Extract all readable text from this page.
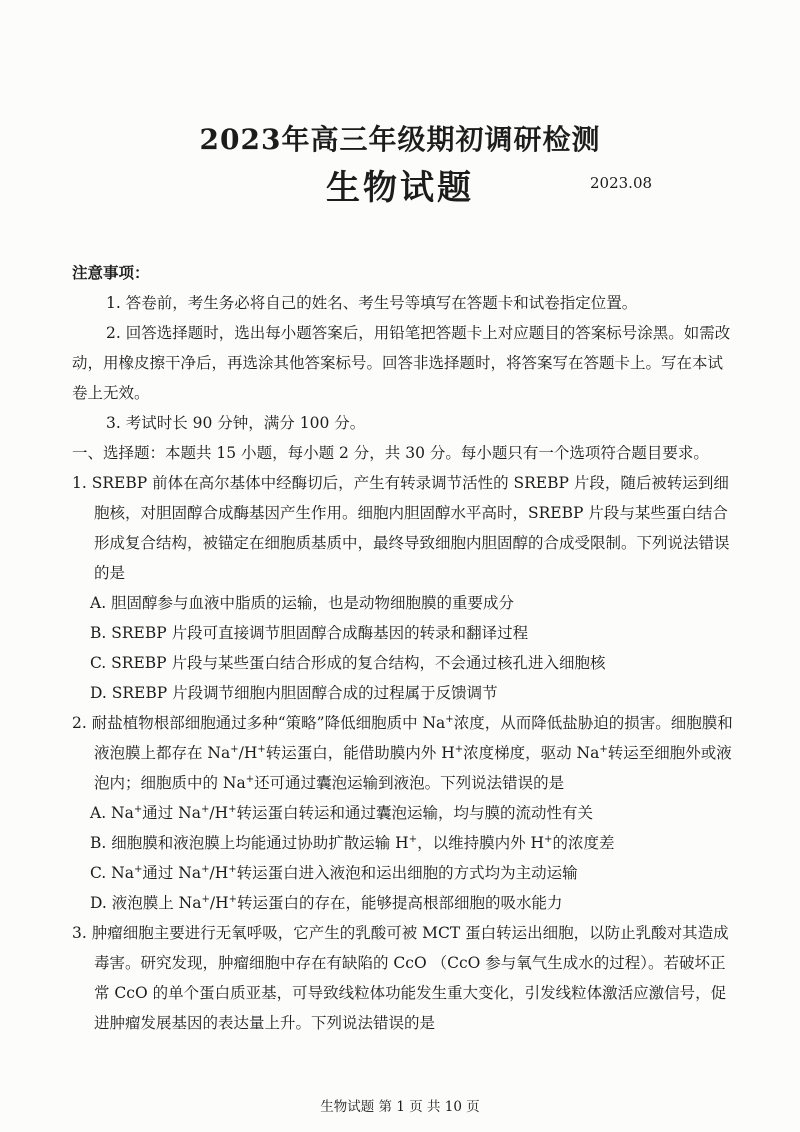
2023年高三年级期初调研检测
生物试题	2023.08

注意事项：

1. 答卷前，考生务必将自己的姓名、考生号等填写在答题卡和试卷指定位置。

2. 回答选择题时，选出每小题答案后，用铅笔把答题卡上对应题目的答案标号涂黑。如需改动，用橡皮擦干净后，再选涂其他答案标号。回答非选择题时，将答案写在答题卡上。写在本试卷上无效。

3. 考试时长 90 分钟，满分 100 分。

一、选择题：本题共 15 小题，每小题 2 分，共 30 分。每小题只有一个选项符合题目要求。

1. SREBP 前体在高尔基体中经酶切后，产生有转录调节活性的 SREBP 片段，随后被转运到细胞核，对胆固醇合成酶基因产生作用。细胞内胆固醇水平高时，SREBP 片段与某些蛋白结合形成复合结构，被锚定在细胞质基质中，最终导致细胞内胆固醇的合成受限制。下列说法错误的是

A. 胆固醇参与血液中脂质的运输，也是动物细胞膜的重要成分

B. SREBP 片段可直接调节胆固醇合成酶基因的转录和翻译过程

C. SREBP 片段与某些蛋白结合形成的复合结构，不会通过核孔进入细胞核

D. SREBP 片段调节细胞内胆固醇合成的过程属于反馈调节

2. 耐盐植物根部细胞通过多种“策略”降低细胞质中 Na+浓度，从而降低盐胁迫的损害。细胞膜和液泡膜上都存在 Na+/H+转运蛋白，能借助膜内外 H+浓度梯度，驱动 Na+转运至细胞外或液泡内；细胞质中的 Na+还可通过囊泡运输到液泡。下列说法错误的是

A. Na+通过 Na+/H+转运蛋白转运和通过囊泡运输，均与膜的流动性有关

B. 细胞膜和液泡膜上均能通过协助扩散运输 H+，以维持膜内外 H+的浓度差

C. Na+通过 Na+/H+转运蛋白进入液泡和运出细胞的方式均为主动运输

D. 液泡膜上 Na+/H+转运蛋白的存在，能够提高根部细胞的吸水能力

3. 肿瘤细胞主要进行无氧呼吸，它产生的乳酸可被 MCT 蛋白转运出细胞，以防止乳酸对其造成毒害。研究发现，肿瘤细胞中存在有缺陷的 CcO （CcO 参与氧气生成水的过程）。若破坏正常 CcO 的单个蛋白质亚基，可导致线粒体功能发生重大变化，引发线粒体激活应激信号，促进肿瘤发展基因的表达量上升。下列说法错误的是

生物试题 第 1 页 共 10 页
